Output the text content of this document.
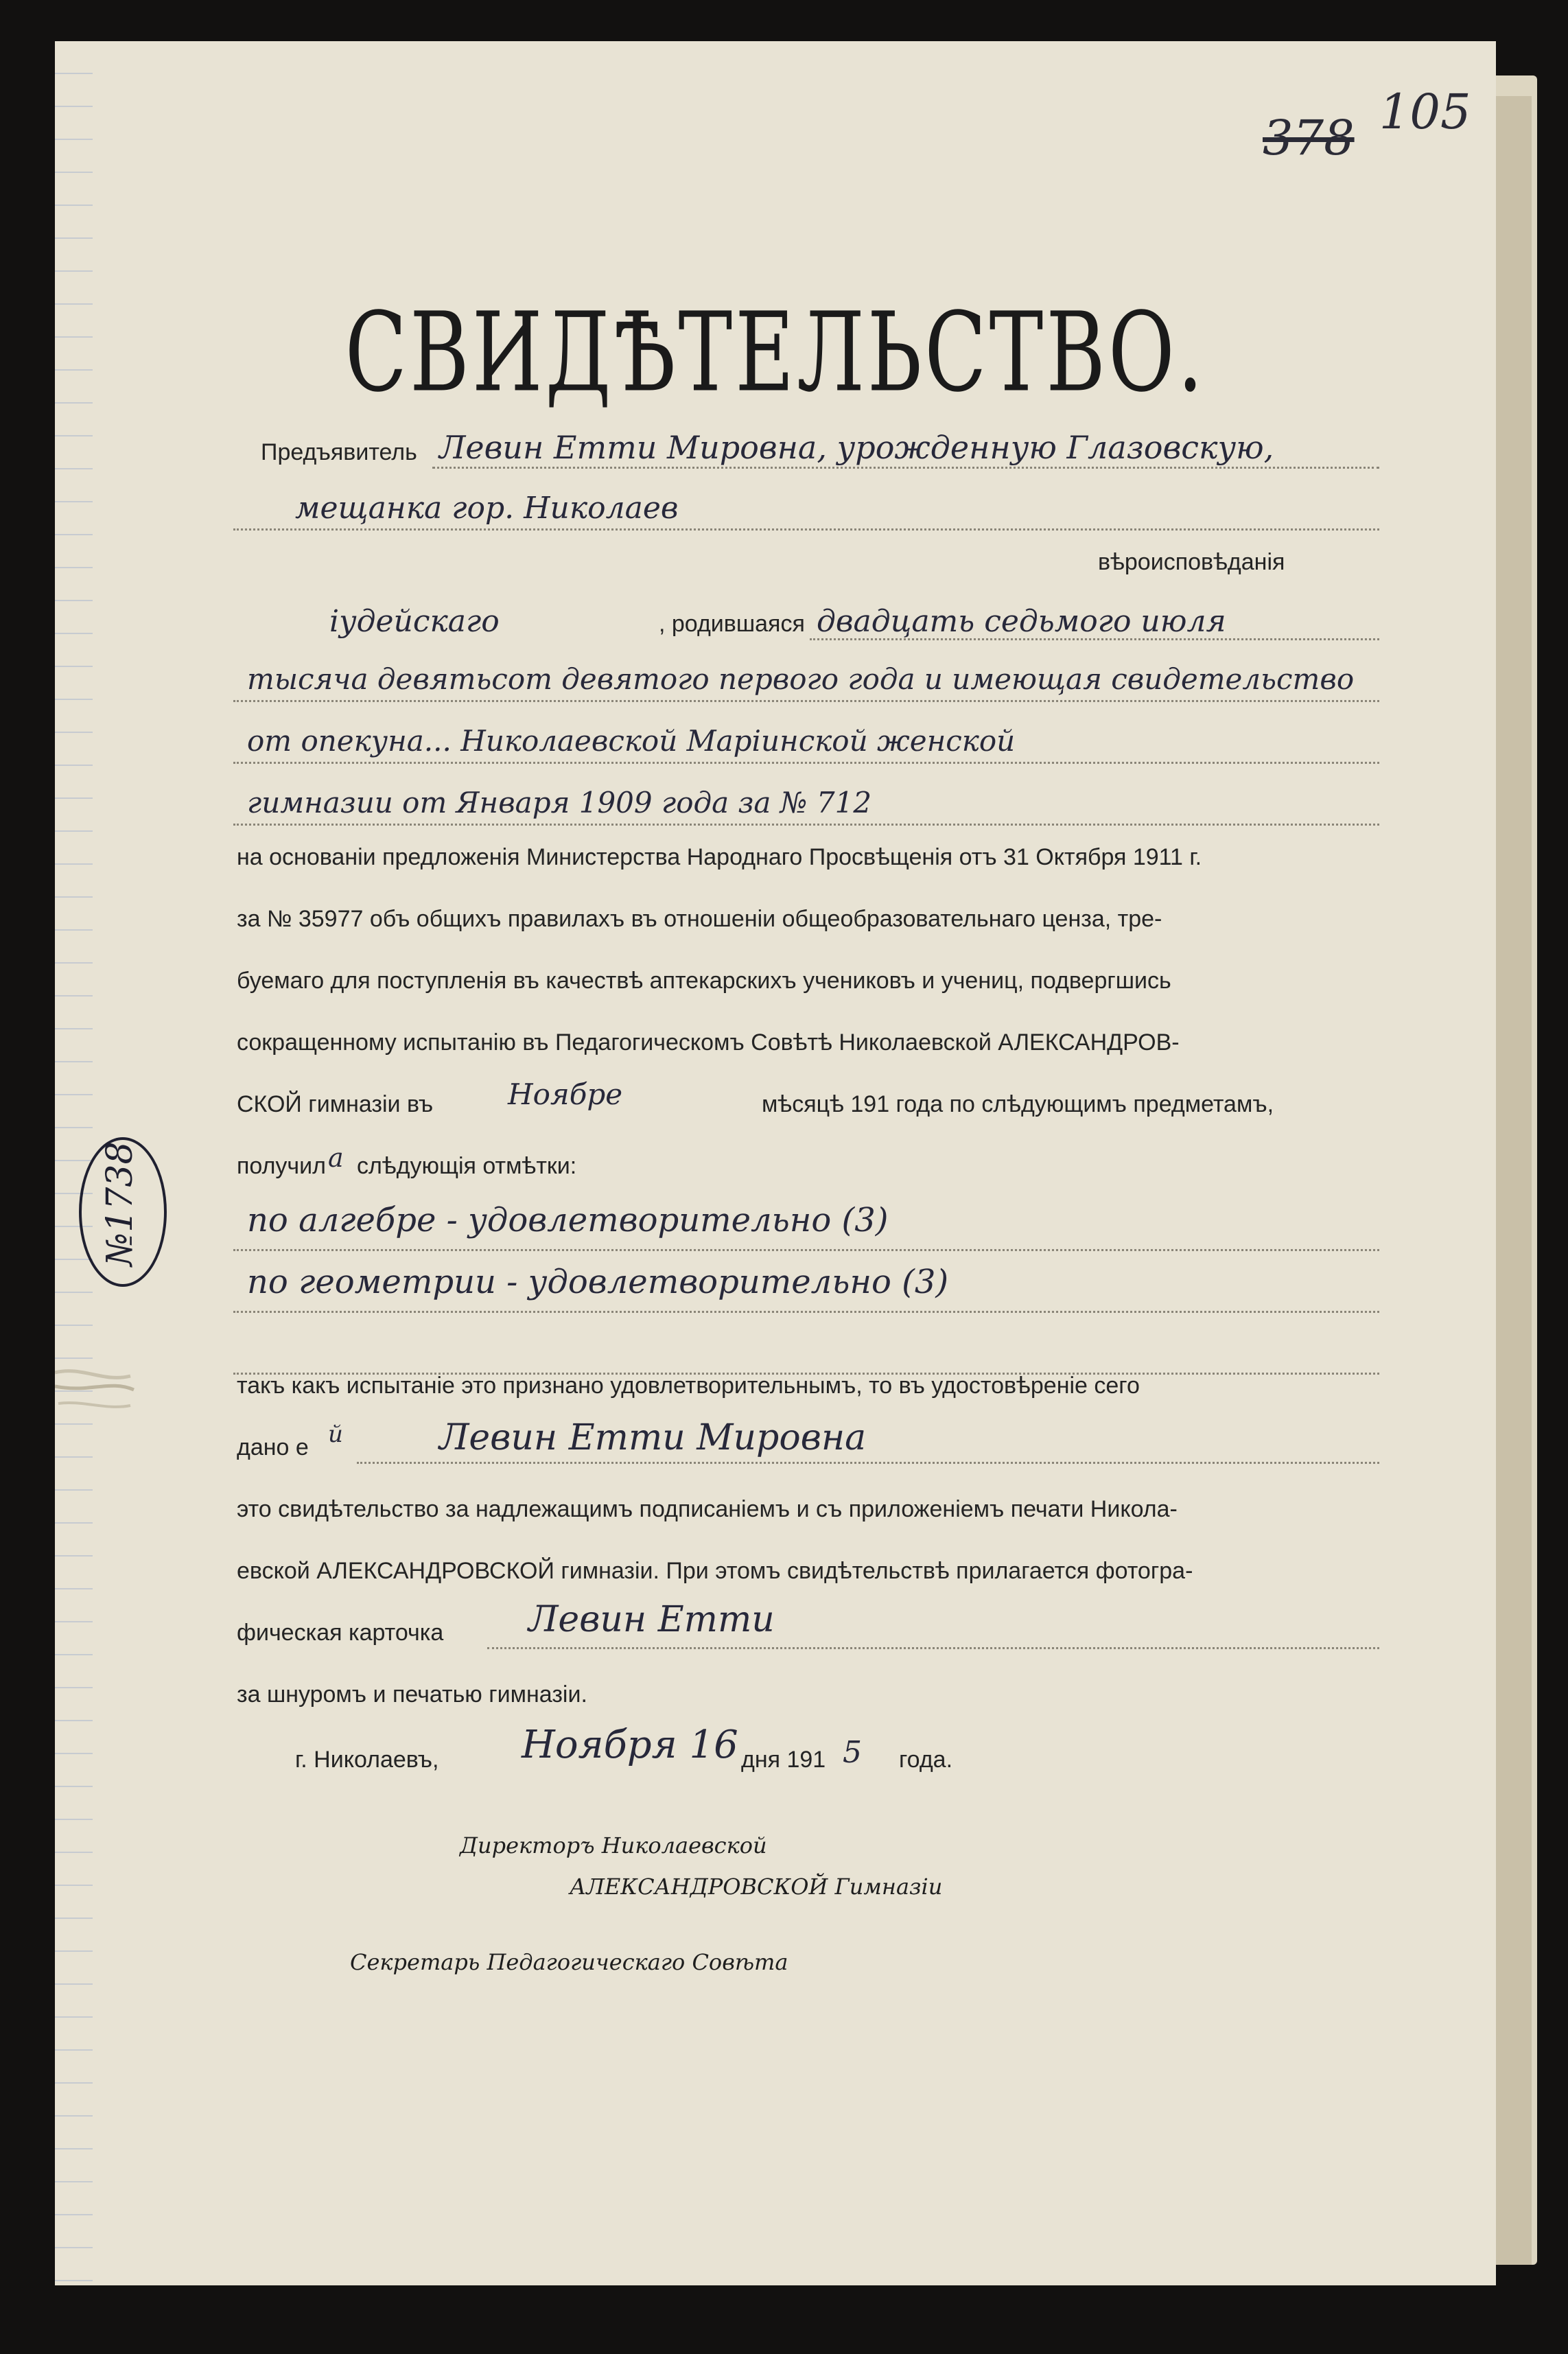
378 105
СВИДѢТЕЛЬСТВО.
Предъявитель Левин Етти Мировна, урожденную Глазовскую,
мещанка гор. Николаев
вѣроисповѣданія
іудейскаго	, родившаяся двадцать седьмого июля
тысяча девятьсот девятого первого года и имеющая свидетельство
от опекуна... Николаевской Маріинской женской
гимназии от Января 1909 года за № 712
на основаніи предложенія Министерства Народнаго Просвѣщенія отъ 31 Октября 1911 г.
за № 35977 объ общихъ правилахъ въ отношеніи общеобразовательнаго ценза, тре-
буемаго для поступленія въ качествѣ аптекарскихъ учениковъ и учениц, подвергшись
сокращенному испытанію въ Педагогическомъ Совѣтѣ Николаевской АЛЕКСАНДРОВ-
СКОЙ гимназіи въ	Ноябре	мѣсяцѣ 191 года по слѣдующимъ предметамъ,
получил а слѣдующія отмѣтки:
по алгебре - удовлетворительно (3)
по геометрии - удовлетворительно (3)
такъ какъ испытаніе это признано удовлетворительнымъ, то въ удостовѣреніе сего
дано е й	Левин Етти Мировна
это свидѣтельство за надлежащимъ подписаніемъ и съ приложеніемъ печати Никола-
евской АЛЕКСАНДРОВСКОЙ гимназіи. При этомъ свидѣтельствѣ прилагается фотогра-
фическая карточка Левин Етти
за шнуромъ и печатью гимназіи.
г. Николаевъ, Ноября 16 дня 191 5 года.
Директоръ Николаевской
АЛЕКСАНДРОВСКОЙ Гимназіи
Секретарь Педагогическаго Совѣта
№1738
